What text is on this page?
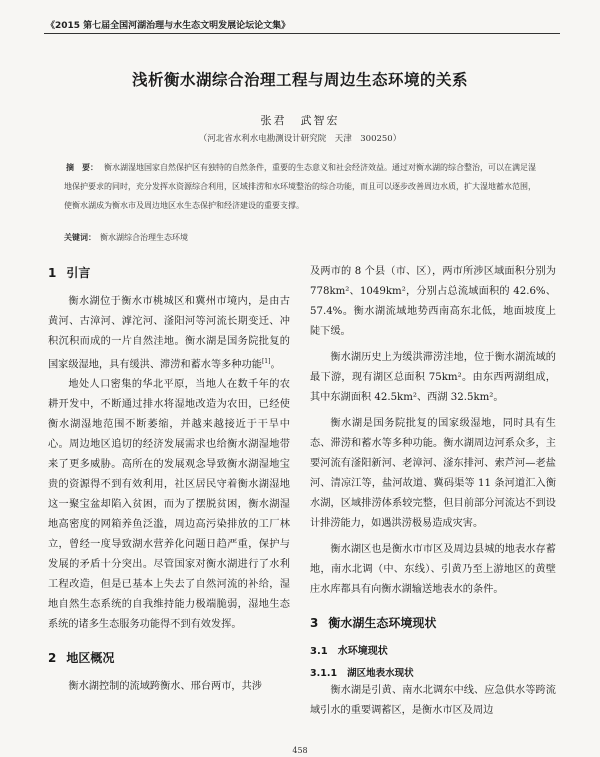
《2015 第七届全国河湖治理与水生态文明发展论坛论文集》
浅析衡水湖综合治理工程与周边生态环境的关系
张君 武智宏
（河北省水利水电勘测设计研究院　天津　300250）
摘　要： 衡水湖湿地国家自然保护区有独特的自然条件，重要的生态意义和社会经济效益。通过对衡水湖的综合整治，可以在满足湿地保护要求的同时，充分发挥水资源综合利用，区域排涝和水环境整治的综合功能，而且可以逐步改善周边水质，扩大湿地蓄水范围，使衡水湖成为衡水市及周边地区水生态保护和经济建设的重要支撑。
关键词： 衡水湖综合治理生态环境
1 引言

衡水湖位于衡水市桃城区和冀州市境内，是由古黄河、古漳河、滹沱河、滏阳河等河流长期变迁、冲积沉积而成的一片自然洼地。衡水湖是国务院批复的国家级湿地，具有缓洪、滞涝和蓄水等多种功能[1]。

地处人口密集的华北平原，当地人在数千年的农耕开发中，不断通过排水将湿地改造为农田，已经使衡水湖湿地范围不断萎缩，并越来越接近于干旱中心。周边地区追切的经济发展需求也给衡水湖湿地带来了更多威胁。高所在的发展观念导致衡水湖湿地宝贵的资源得不到有效利用，社区居民守着衡水湖湿地这一聚宝盆却陷入贫困，而为了摆脱贫困，衡水湖湿地高密度的网箱养鱼泛滥，周边高污染排放的工厂林立，曾经一度导致湖水营养化问题日趋严重，保护与发展的矛盾十分突出。尽管国家对衡水湖进行了水利工程改造，但是已基本上失去了自然河流的补给，湿地自然生态系统的自我维持能力极端脆弱，湿地生态系统的诸多生态服务功能得不到有效发挥。

2 地区概况

衡水湖控制的流域跨衡水、邢台两市，共涉

及两市的 8 个县（市、区），两市所涉区域面积分别为 778km²、1049km²，分别占总流域面积的 42.6%、57.4%。衡水湖流域地势西南高东北低，地面坡度上陡下缓。

衡水湖历史上为缓洪滞涝洼地，位于衡水湖流域的最下游，现有湖区总面积 75km²。由东西两湖组成，其中东湖面积 42.5km²、西湖 32.5km²。

衡水湖是国务院批复的国家级湿地，同时具有生态、滞涝和蓄水等多种功能。衡水湖周边河系众多，主要河流有滏阳新河、老漳河、滏东排河、索芦河—老盐河、清凉江等，盐河故道、冀码渠等 11 条河道汇入衡水湖，区域排涝体系较完整，但目前部分河流达不到设计排涝能力，如遇洪涝极易造成灾害。

衡水湖区也是衡水市市区及周边县城的地表水存蓄地，南水北调（中、东线）、引黄乃至上游地区的黄壁庄水库都具有向衡水湖输送地表水的条件。

3 衡水湖生态环境现状
3.1 水环境现状
3.1.1 湖区地表水现状

衡水湖是引黄、南水北调东中线、应急供水等跨流域引水的重要调蓄区，是衡水市区及周边

458
